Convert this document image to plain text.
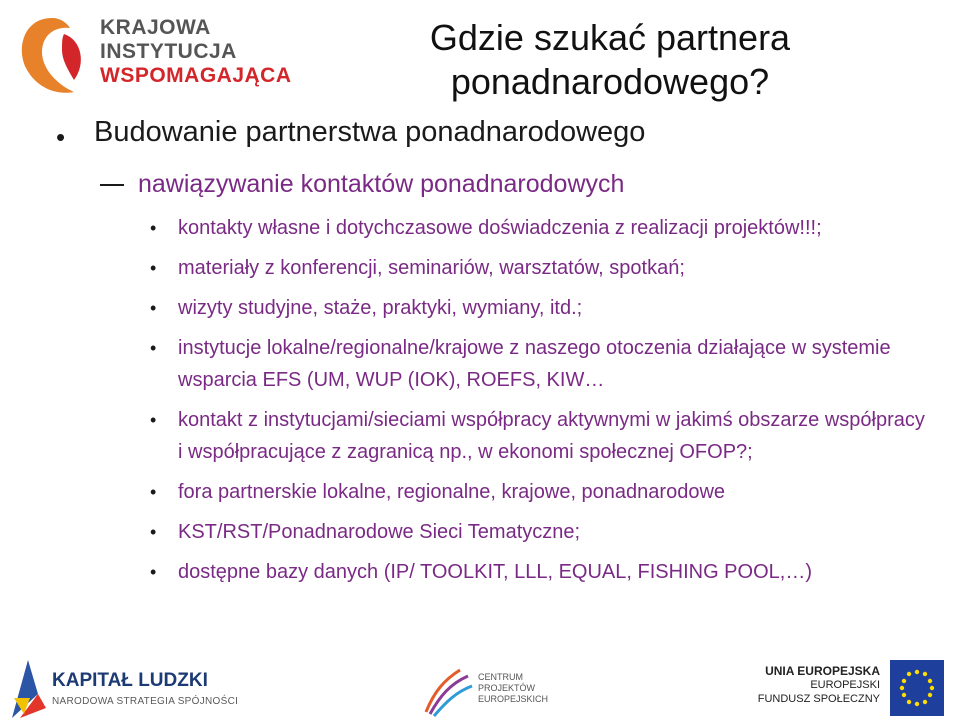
KRAJOWA
INSTYTUCJA
WSPOMAGAJĄCA
Gdzie szukać partnera ponadnarodowego?
• Budowanie partnerstwa ponadnarodowego
nawiązywanie kontaktów ponadnarodowych
• kontakty własne i dotychczasowe doświadczenia z realizacji projektów!!!;
• materiały z konferencji, seminariów, warsztatów, spotkań;
• wizyty studyjne, staże, praktyki, wymiany, itd.;
• instytucje lokalne/regionalne/krajowe z naszego otoczenia działające w systemie wsparcia EFS (UM, WUP (IOK), ROEFS, KIW…
• kontakt z instytucjami/sieciami współpracy aktywnymi w jakimś obszarze współpracy i współpracujące z zagranicą np., w ekonomi społecznej OFOP?;
• fora partnerskie lokalne, regionalne, krajowe, ponadnarodowe
• KST/RST/Ponadnarodowe Sieci Tematyczne;
• dostępne bazy danych (IP/ TOOLKIT, LLL, EQUAL, FISHING POOL,…)
KAPITAŁ LUDZKI
NARODOWA STRATEGIA SPÓJNOŚCI
CENTRUM PROJEKTÓW
EUROPEJSKICH
UNIA EUROPEJSKA
EUROPEJSKI
FUNDUSZ SPOŁECZNY
